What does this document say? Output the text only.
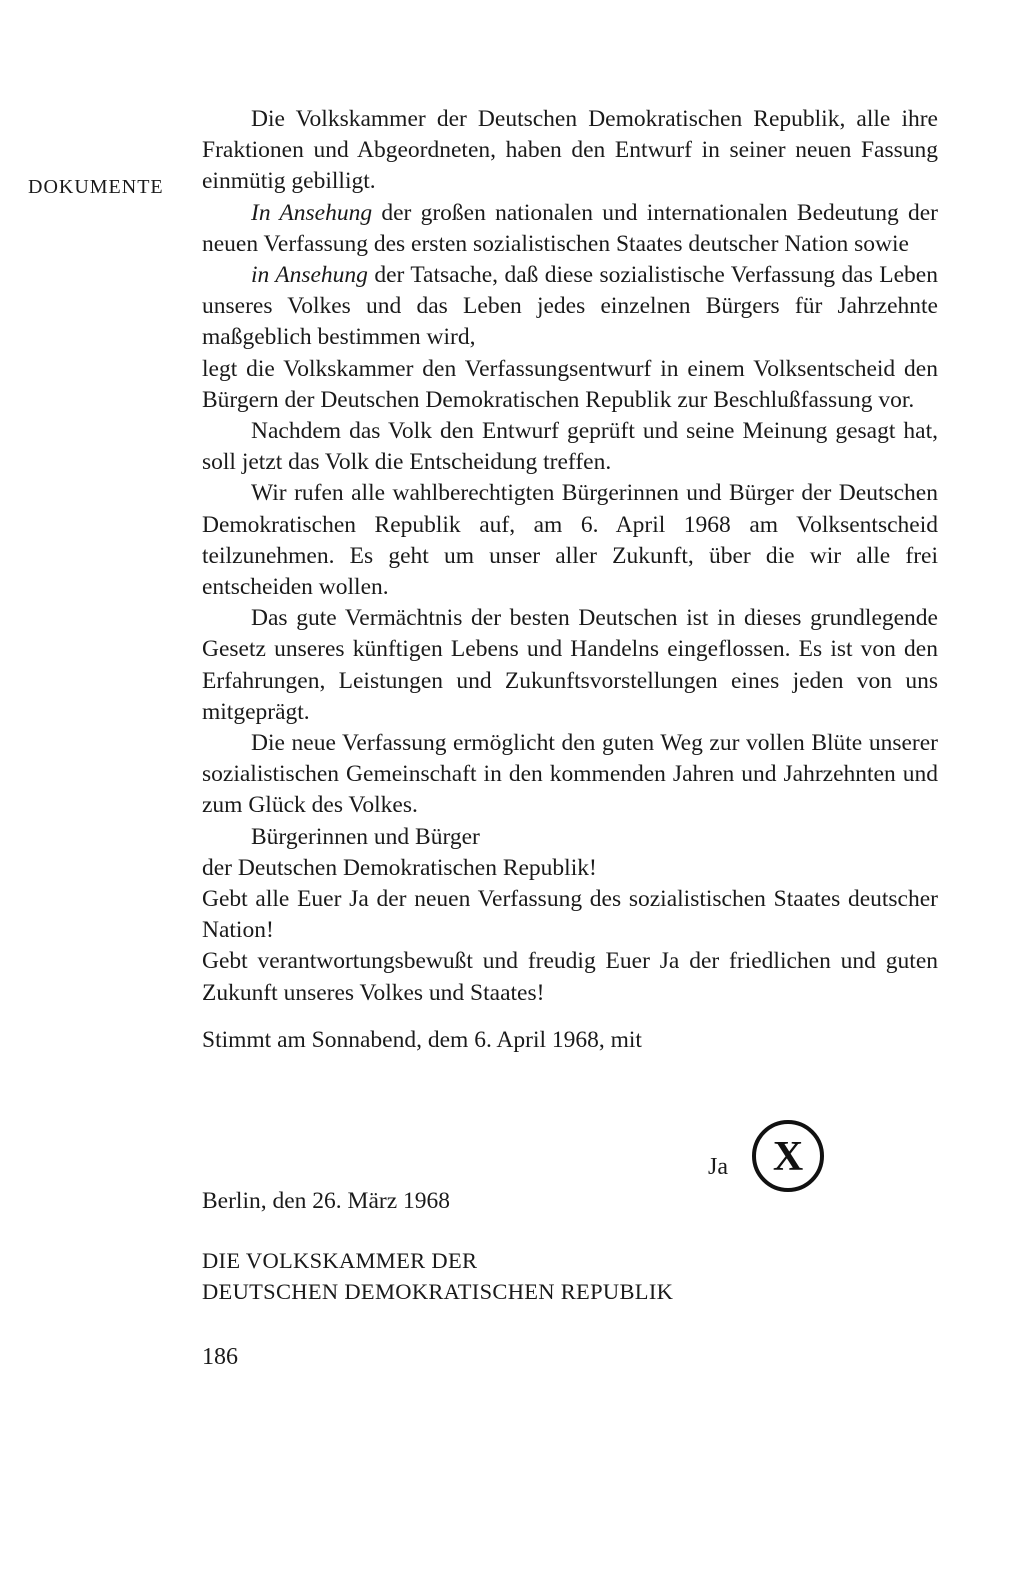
DOKUMENTE

Die Volkskammer der Deutschen Demokratischen Republik, alle ihre Fraktionen und Abgeordneten, haben den Entwurf in seiner neuen Fassung einmütig gebilligt.

In Ansehung der großen nationalen und internationalen Bedeutung der neuen Verfassung des ersten sozialistischen Staates deutscher Nation sowie

in Ansehung der Tatsache, daß diese sozialistische Verfassung das Leben unseres Volkes und das Leben jedes einzelnen Bürgers für Jahrzehnte maßgeblich bestimmen wird,

legt die Volkskammer den Verfassungsentwurf in einem Volksentscheid den Bürgern der Deutschen Demokratischen Republik zur Beschlußfassung vor.

Nachdem das Volk den Entwurf geprüft und seine Meinung gesagt hat, soll jetzt das Volk die Entscheidung treffen.

Wir rufen alle wahlberechtigten Bürgerinnen und Bürger der Deutschen Demokratischen Republik auf, am 6. April 1968 am Volksentscheid teilzunehmen. Es geht um unser aller Zukunft, über die wir alle frei entscheiden wollen.

Das gute Vermächtnis der besten Deutschen ist in dieses grundlegende Gesetz unseres künftigen Lebens und Handelns eingeflossen. Es ist von den Erfahrungen, Leistungen und Zukunftsvorstellungen eines jeden von uns mitgeprägt.

Die neue Verfassung ermöglicht den guten Weg zur vollen Blüte unserer sozialistischen Gemeinschaft in den kommenden Jahren und Jahrzehnten und zum Glück des Volkes.

Bürgerinnen und Bürger

der Deutschen Demokratischen Republik!

Gebt alle Euer Ja der neuen Verfassung des sozialistischen Staates deutscher Nation!

Gebt verantwortungsbewußt und freudig Euer Ja der friedlichen und guten Zukunft unseres Volkes und Staates!

Stimmt am Sonnabend, dem 6. April 1968, mit

Ja X
Berlin, den 26. März 1968
DIE VOLKSKAMMER DER
DEUTSCHEN DEMOKRATISCHEN REPUBLIK
186
